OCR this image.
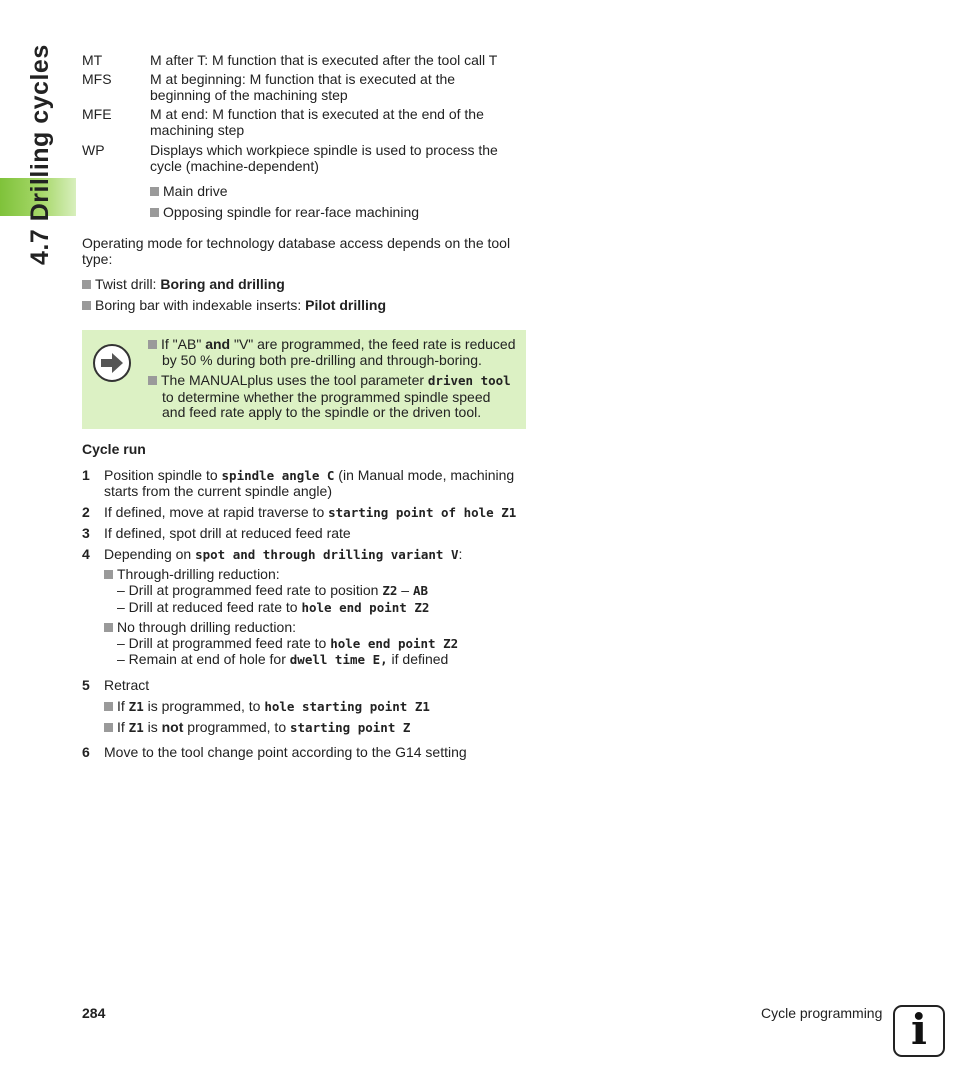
4.7 Drilling cycles MT	M after T: M function that is executed after the tool call T
MFS	M at beginning: M function that is executed at the
beginning of the machining step
MFE	M at end: M function that is executed at the end of the
machining step
WP	Displays which workpiece spindle is used to process the
cycle (machine-dependent)
Main drive
Opposing spindle for rear-face machining
Operating mode for technology database access depends on the tool
type:
Twist drill: Boring and drilling
Boring bar with indexable inserts: Pilot drilling
If "AB" and "V" are programmed, the feed rate is reduced
by 50 % during both pre-drilling and through-boring.
The MANUALplus uses the tool parameter driven tool
to determine whether the programmed spindle speed
and feed rate apply to the spindle or the driven tool.
Cycle run
1 Position spindle to spindle angle C (in Manual mode, machining
starts from the current spindle angle)
2 If defined, move at rapid traverse to starting point of hole Z1
3 If defined, spot drill at reduced feed rate
4 Depending on spot and through drilling variant V:
Through-drilling reduction:
– Drill at programmed feed rate to position Z2 – AB
– Drill at reduced feed rate to hole end point Z2
No through drilling reduction:
– Drill at programmed feed rate to hole end point Z2
– Remain at end of hole for dwell time E, if defined
5 Retract
If Z1 is programmed, to hole starting point Z1
If Z1 is not programmed, to starting point Z
6 Move to the tool change point according to the G14 setting
284	Cycle programming i
